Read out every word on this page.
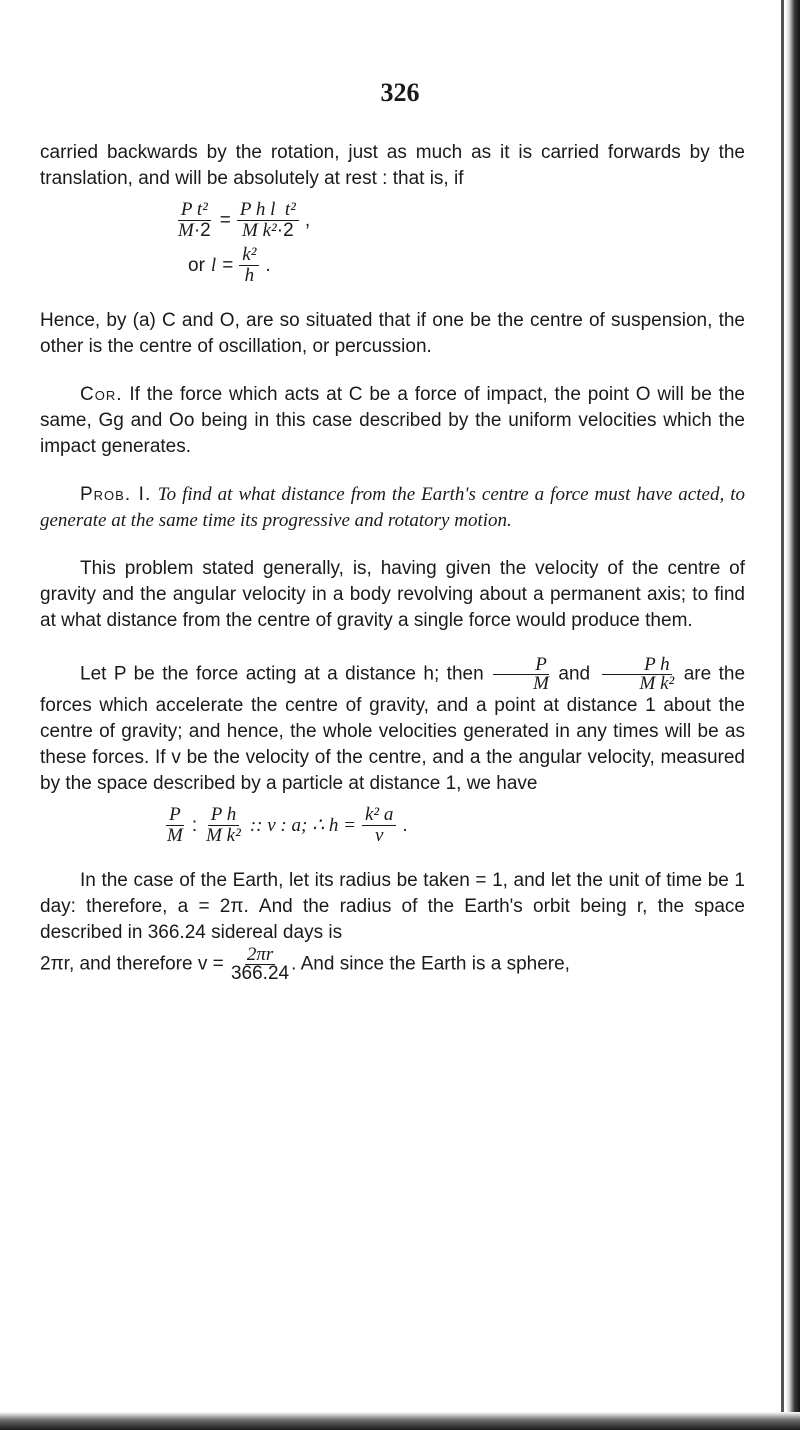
326

carried backwards by the rotation, just as much as it is carried forwards by the translation, and will be absolutely at rest : that is, if

$\frac{\text{P t²}}{M\cdot 2} = \frac{\text{P h l t²}}{\text{M k²·2}}$ ,
or $l = \frac{\text{k²}}{h}$ .

Hence, by (a) C and O, are so situated that if one be the centre of suspension, the other is the centre of oscillation, or percussion.

Cor. If the force which acts at C be a force of impact, the point O will be the same, Gg and Oo being in this case described by the uniform velocities which the impact generates.

Prob. I. To find at what distance from the Earth's centre a force must have acted, to generate at the same time its progressive and rotatory motion.

This problem stated generally, is, having given the velocity of the centre of gravity and the angular velocity in a body revolving about a permanent axis; to find at what distance from the centre of gravity a single force would produce them.

Let P be the force acting at a distance h; then $\frac{P}{M}$ and $\frac{\text{P h}}{\text{M k²}}$ are the forces which accelerate the centre of gravity, and a point at distance 1 about the centre of gravity; and hence, the whole velocities generated in any times will be as these forces. If v be the velocity of the centre, and a the angular velocity, measured by the space described by a particle at distance 1, we have

$\frac{P}{M}$ : $\frac{\text{P h}}{\text{M k²}}$ :: v : a; ∴ $h = \frac{\text{k² a}}{v}$ .

In the case of the Earth, let its radius be taken = 1, and let the unit of time be 1 day: therefore, a = 2π. And the radius of the Earth's orbit being r, the space described in 366.24 sidereal days is

2πr, and therefore $v = \frac{2\pi r}{366.24}$ . And since the Earth is a sphere,
